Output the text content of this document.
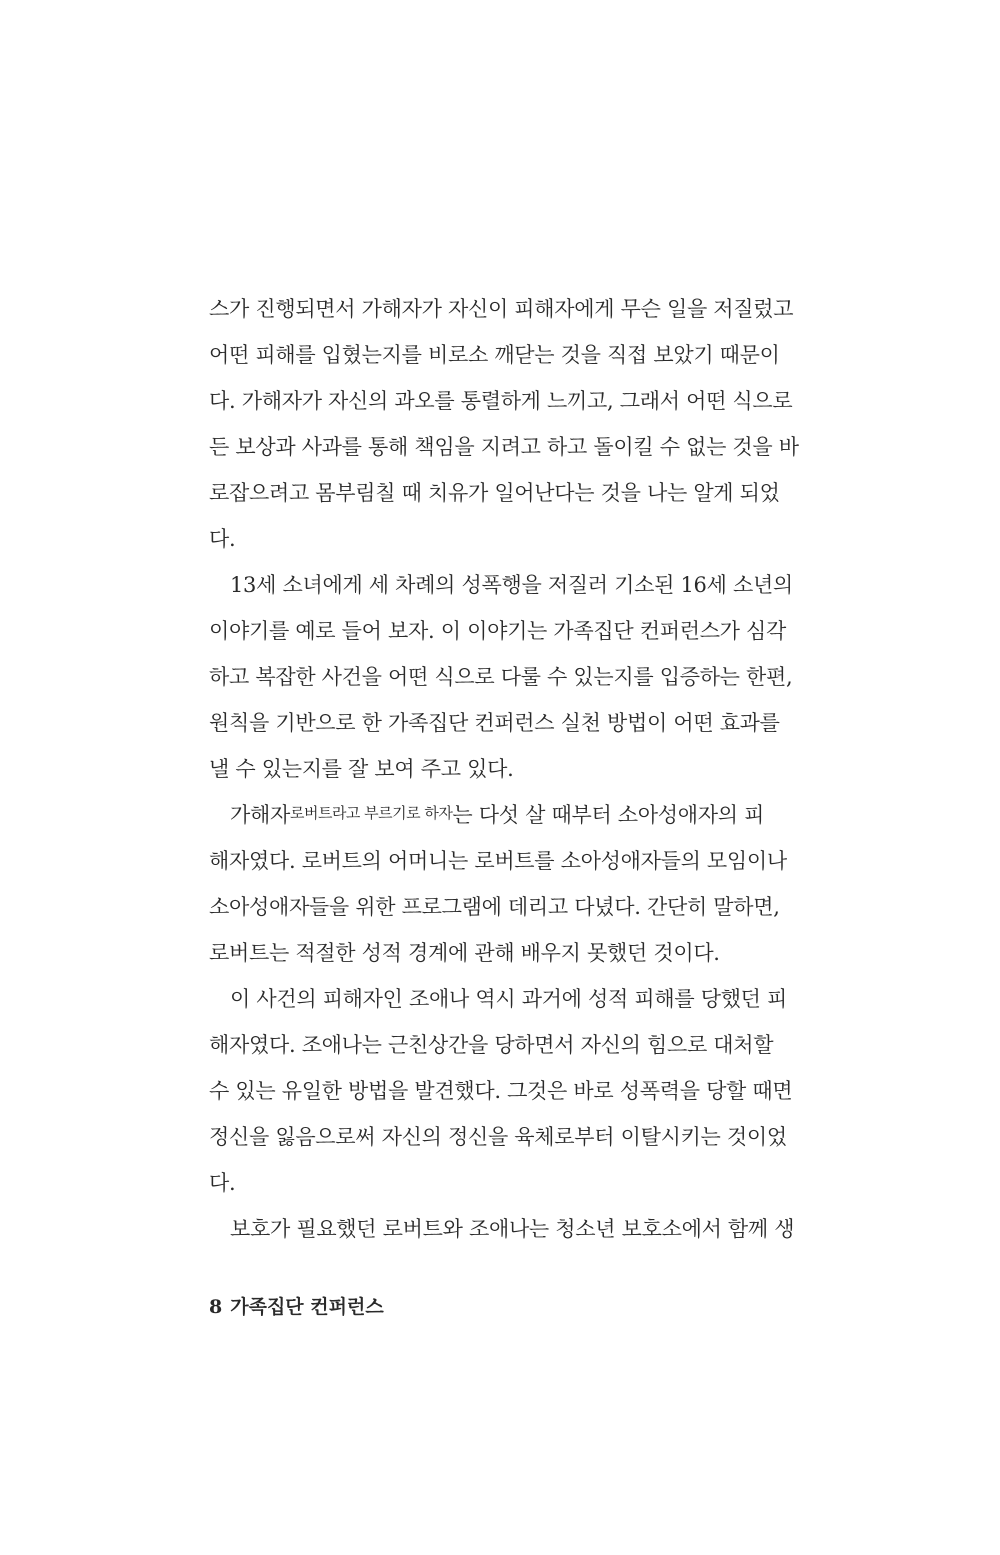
스가 진행되면서 가해자가 자신이 피해자에게 무슨 일을 저질렀고
어떤 피해를 입혔는지를 비로소 깨닫는 것을 직접 보았기 때문이
다. 가해자가 자신의 과오를 통렬하게 느끼고, 그래서 어떤 식으로
든 보상과 사과를 통해 책임을 지려고 하고 돌이킬 수 없는 것을 바
로잡으려고 몸부림칠 때 치유가 일어난다는 것을 나는 알게 되었
다.
13세 소녀에게 세 차례의 성폭행을 저질러 기소된 16세 소년의
이야기를 예로 들어 보자. 이 이야기는 가족집단 컨퍼런스가 심각
하고 복잡한 사건을 어떤 식으로 다룰 수 있는지를 입증하는 한편,
원칙을 기반으로 한 가족집단 컨퍼런스 실천 방법이 어떤 효과를
낼 수 있는지를 잘 보여 주고 있다.
가해자로버트라고 부르기로 하자는 다섯 살 때부터 소아성애자의 피
해자였다. 로버트의 어머니는 로버트를 소아성애자들의 모임이나
소아성애자들을 위한 프로그램에 데리고 다녔다. 간단히 말하면,
로버트는 적절한 성적 경계에 관해 배우지 못했던 것이다.
이 사건의 피해자인 조애나 역시 과거에 성적 피해를 당했던 피
해자였다. 조애나는 근친상간을 당하면서 자신의 힘으로 대처할
수 있는 유일한 방법을 발견했다. 그것은 바로 성폭력을 당할 때면
정신을 잃음으로써 자신의 정신을 육체로부터 이탈시키는 것이었
다.
보호가 필요했던 로버트와 조애나는 청소년 보호소에서 함께 생
8 가족집단 컨퍼런스
